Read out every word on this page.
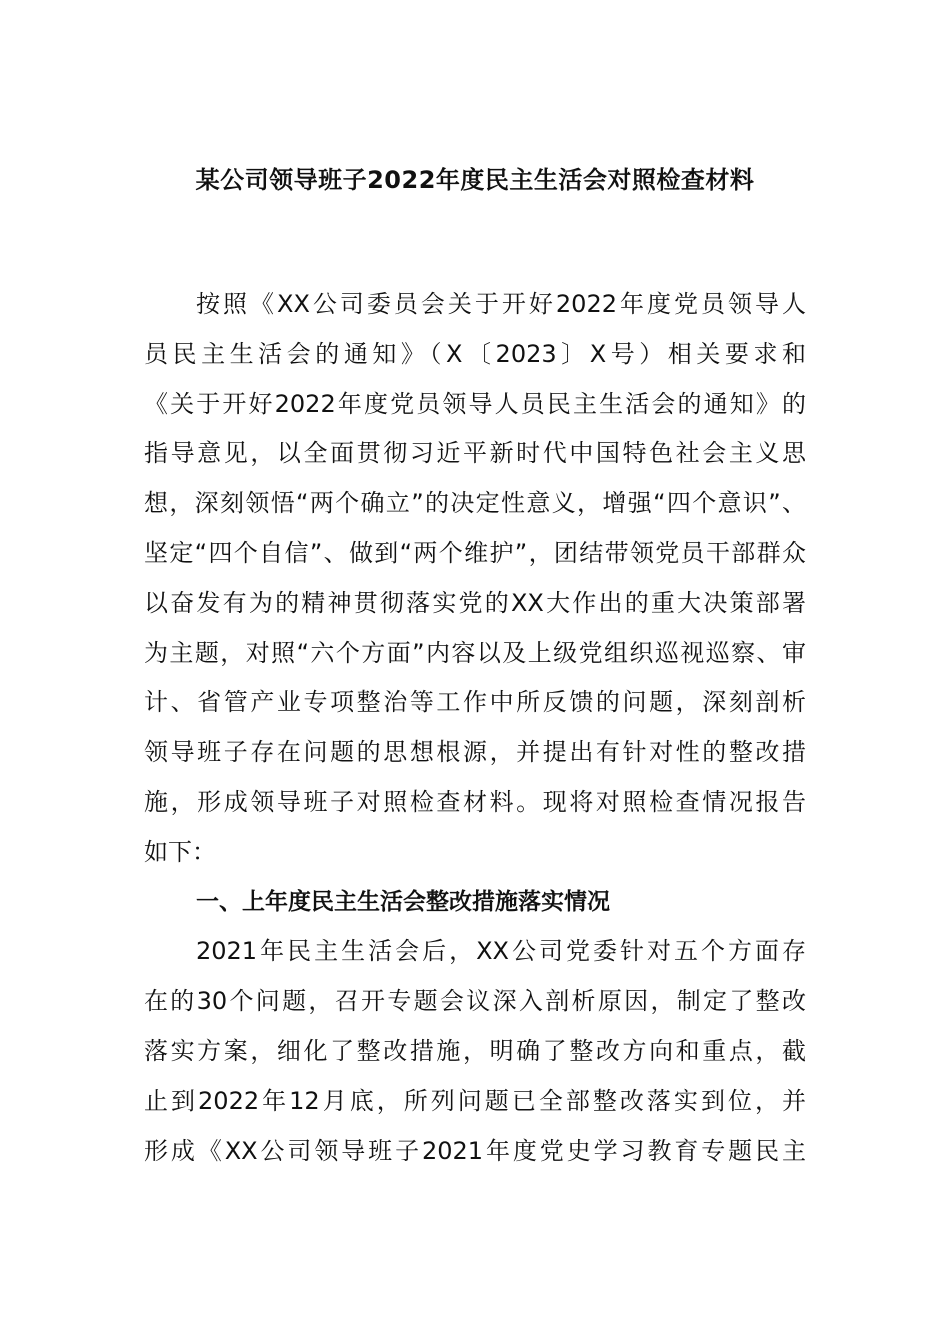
某公司领导班子2022年度民主生活会对照检查材料
按照《XX公司委员会关于开好2022年度党员领导人
员民主生活会的通知》（X〔2023〕X号）相关要求和
《关于开好2022年度党员领导人员民主生活会的通知》的
指导意见，以全面贯彻习近平新时代中国特色社会主义思
想，深刻领悟“两个确立”的决定性意义，增强“四个意识”、
坚定“四个自信”、做到“两个维护”，团结带领党员干部群众
以奋发有为的精神贯彻落实党的XX大作出的重大决策部署
为主题，对照“六个方面”内容以及上级党组织巡视巡察、审
计、省管产业专项整治等工作中所反馈的问题，深刻剖析
领导班子存在问题的思想根源，并提出有针对性的整改措
施，形成领导班子对照检查材料。现将对照检查情况报告
如下：
一、上年度民主生活会整改措施落实情况
2021年民主生活会后，XX公司党委针对五个方面存
在的30个问题，召开专题会议深入剖析原因，制定了整改
落实方案，细化了整改措施，明确了整改方向和重点，截
止到2022年12月底，所列问题已全部整改落实到位，并
形成《XX公司领导班子2021年度党史学习教育专题民主
